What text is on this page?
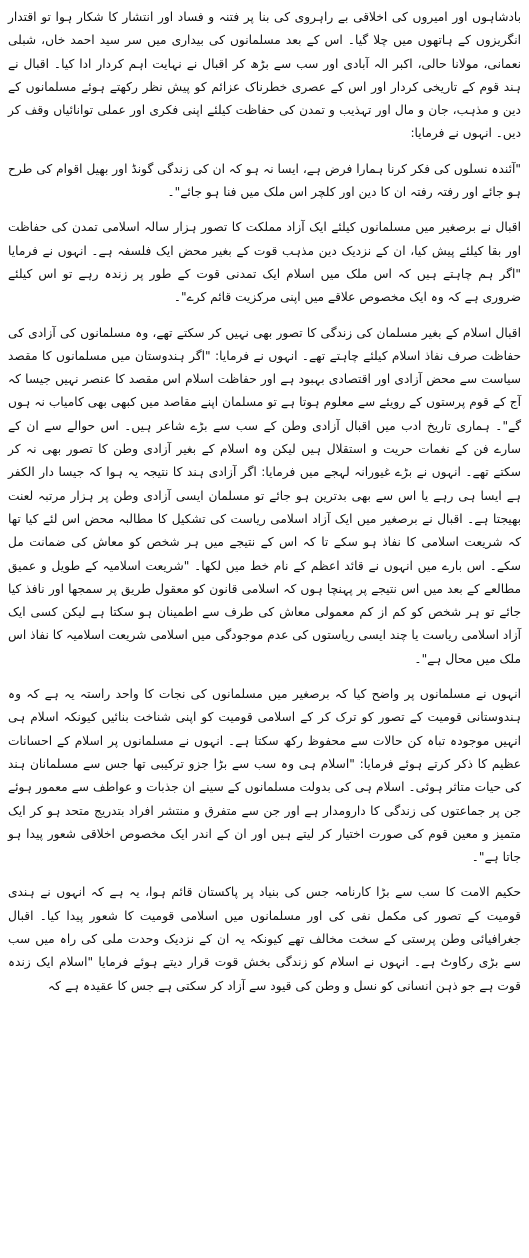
بادشاہوں اور امیروں کی اخلاقی بے راہروی کی بنا پر فتنہ و فساد اور انتشار کا شکار ہوا تو اقتدار انگریزوں کے ہاتھوں میں چلا گیا۔ اس کے بعد مسلمانوں کی بیداری میں سر سید احمد خاں، شبلی نعمانی، مولانا حالی، اکبر الہ آبادی اور سب سے بڑھ کر اقبال نے نہایت اہم کردار ادا کیا۔ اقبال نے ہند قوم کے تاریخی کردار اور اس کے عصری خطرناک عزائم کو پیش نظر رکھتے ہوئے مسلمانوں کے دین و مذہب، جان و مال اور تہذیب و تمدن کی حفاظت کیلئے اپنی فکری اور عملی توانائیاں وقف کر دیں۔ انہوں نے فرمایا:

"آئندہ نسلوں کی فکر کرنا ہمارا فرض ہے، ایسا نہ ہو کہ ان کی زندگی گونڈ اور بھیل اقوام کی طرح ہو جائے اور رفتہ رفتہ ان کا دین اور کلچر اس ملک میں فنا ہو جائے"۔

اقبال نے برصغیر میں مسلمانوں کیلئے ایک آزاد مملکت کا تصور ہزار سالہ اسلامی تمدن کی حفاظت اور بقا کیلئے پیش کیا، ان کے نزدیک دین مذہب قوت کے بغیر محض ایک فلسفہ ہے۔ انہوں نے فرمایا "اگر ہم چاہتے ہیں کہ اس ملک میں اسلام ایک تمدنی قوت کے طور پر زندہ رہے تو اس کیلئے ضروری ہے کہ وہ ایک مخصوص علاقے میں اپنی مرکزیت قائم کرے"۔

اقبال اسلام کے بغیر مسلمان کی زندگی کا تصور بھی نہیں کر سکتے تھے، وہ مسلمانوں کی آزادی کی حفاظت صرف نفاذ اسلام کیلئے چاہتے تھے۔ انہوں نے فرمایا: "اگر ہندوستان میں مسلمانوں کا مقصد سیاست سے محض آزادی اور اقتصادی بہبود ہے اور حفاظت اسلام اس مقصد کا عنصر نہیں جیسا کہ آج کے قوم پرستوں کے رویئے سے معلوم ہوتا ہے تو مسلمان اپنے مقاصد میں کبھی بھی کامیاب نہ ہوں گے"۔ ہماری تاریخ ادب میں اقبال آزادی وطن کے سب سے بڑے شاعر ہیں۔ اس حوالے سے ان کے سارے فن کے نغمات حریت و استقلال ہیں لیکن وہ اسلام کے بغیر آزادی وطن کا تصور بھی نہ کر سکتے تھے۔ انہوں نے بڑے غیورانہ لہجے میں فرمایا: اگر آزادی ہند کا نتیجہ یہ ہوا کہ جیسا دار الکفر ہے ایسا ہی رہے یا اس سے بھی بدترین ہو جائے تو مسلمان ایسی آزادی وطن پر ہزار مرتبہ لعنت بھیجتا ہے۔ اقبال نے برصغیر میں ایک آزاد اسلامی ریاست کی تشکیل کا مطالبہ محض اس لئے کیا تھا کہ شریعت اسلامی کا نفاذ ہو سکے تا کہ اس کے نتیجے میں ہر شخص کو معاش کی ضمانت مل سکے۔ اس بارے میں انہوں نے قائد اعظم کے نام خط میں لکھا۔ "شریعت اسلامیہ کے طویل و عمیق مطالعے کے بعد میں اس نتیجے پر پہنچا ہوں کہ اسلامی قانون کو معقول طریق پر سمجھا اور نافذ کیا جائے تو ہر شخص کو کم از کم معمولی معاش کی طرف سے اطمینان ہو سکتا ہے لیکن کسی ایک آزاد اسلامی ریاست یا چند ایسی ریاستوں کی عدم موجودگی میں اسلامی شریعت اسلامیہ کا نفاذ اس ملک میں محال ہے"۔

انہوں نے مسلمانوں پر واضح کیا کہ برصغیر میں مسلمانوں کی نجات کا واحد راستہ یہ ہے کہ وہ ہندوستانی قومیت کے تصور کو ترک کر کے اسلامی قومیت کو اپنی شناخت بنائیں کیونکہ اسلام ہی انہیں موجودہ تباہ کن حالات سے محفوظ رکھ سکتا ہے۔ انہوں نے مسلمانوں پر اسلام کے احسانات عظیم کا ذکر کرتے ہوئے فرمایا: "اسلام ہی وہ سب سے بڑا جزو ترکیبی تھا جس سے مسلمانان ہند کی حیات متاثر ہوئی۔ اسلام ہی کی بدولت مسلمانوں کے سینے ان جذبات و عواطف سے معمور ہوئے جن پر جماعتوں کی زندگی کا دارومدار ہے اور جن سے متفرق و منتشر افراد بتدریج متحد ہو کر ایک متمیز و معین قوم کی صورت اختیار کر لیتے ہیں اور ان کے اندر ایک مخصوص اخلاقی شعور پیدا ہو جاتا ہے"۔

حکیم الامت کا سب سے بڑا کارنامہ جس کی بنیاد پر پاکستان قائم ہوا، یہ ہے کہ انہوں نے ہندی قومیت کے تصور کی مکمل نفی کی اور مسلمانوں میں اسلامی قومیت کا شعور پیدا کیا۔ اقبال جغرافیائی وطن پرستی کے سخت مخالف تھے کیونکہ یہ ان کے نزدیک وحدت ملی کی راہ میں سب سے بڑی رکاوٹ ہے۔ انہوں نے اسلام کو زندگی بخش قوت قرار دیتے ہوئے فرمایا "اسلام ایک زندہ قوت ہے جو ذہن انسانی کو نسل و وطن کی قیود سے آزاد کر سکتی ہے جس کا عقیدہ ہے کہ
